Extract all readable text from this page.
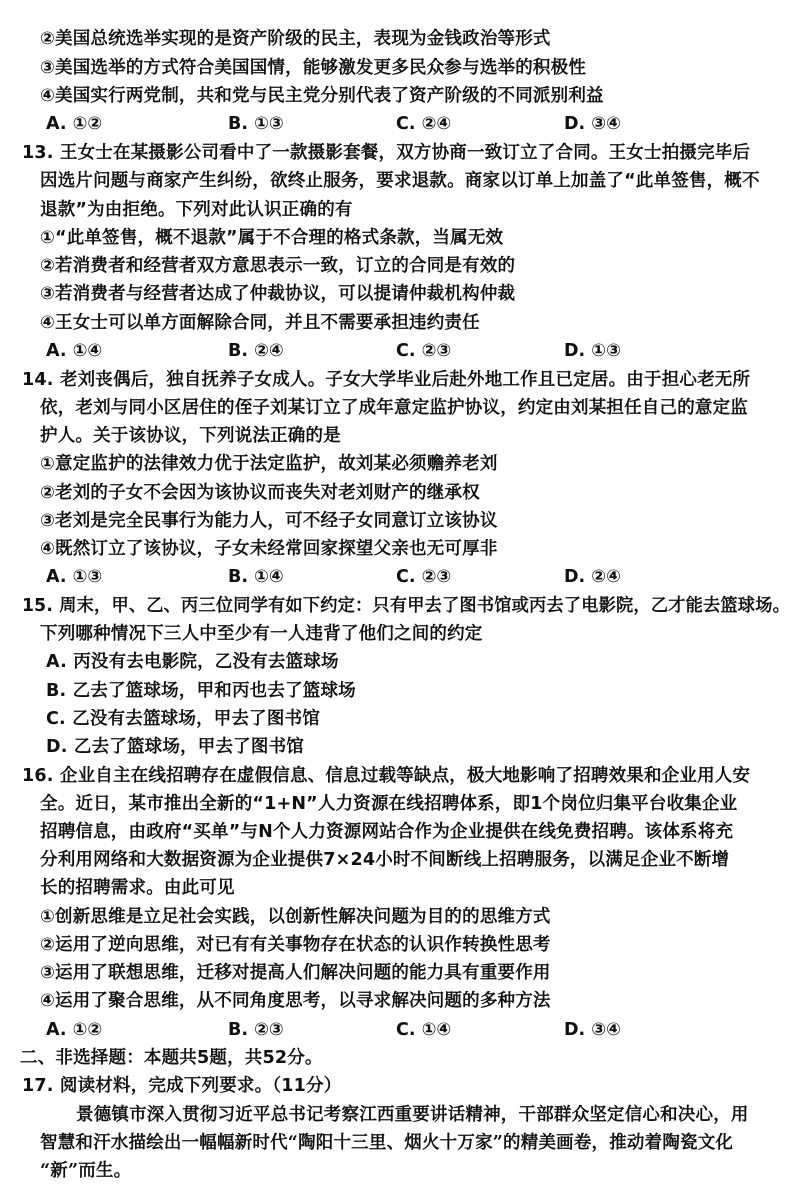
②美国总统选举实现的是资产阶级的民主，表现为金钱政治等形式

③美国选举的方式符合美国国情，能够激发更多民众参与选举的积极性

④美国实行两党制，共和党与民主党分别代表了资产阶级的不同派别利益

A. ①②	B. ①③	C. ②④	D. ③④

13. 王女士在某摄影公司看中了一款摄影套餐，双方协商一致订立了合同。王女士拍摄完毕后

因选片问题与商家产生纠纷，欲终止服务，要求退款。商家以订单上加盖了“此单签售，概不

退款”为由拒绝。下列对此认识正确的有

①“此单签售，概不退款”属于不合理的格式条款，当属无效

②若消费者和经营者双方意思表示一致，订立的合同是有效的

③若消费者与经营者达成了仲裁协议，可以提请仲裁机构仲裁

④王女士可以单方面解除合同，并且不需要承担违约责任

A. ①④	B. ②④	C. ②③	D. ①③

14. 老刘丧偶后，独自抚养子女成人。子女大学毕业后赴外地工作且已定居。由于担心老无所

依，老刘与同小区居住的侄子刘某订立了成年意定监护协议，约定由刘某担任自己的意定监

护人。关于该协议，下列说法正确的是

①意定监护的法律效力优于法定监护，故刘某必须赡养老刘

②老刘的子女不会因为该协议而丧失对老刘财产的继承权

③老刘是完全民事行为能力人，可不经子女同意订立该协议

④既然订立了该协议，子女未经常回家探望父亲也无可厚非

A. ①③	B. ①④	C. ②③	D. ②④

15. 周末，甲、乙、丙三位同学有如下约定：只有甲去了图书馆或丙去了电影院，乙才能去篮球场。

下列哪种情况下三人中至少有一人违背了他们之间的约定

A. 丙没有去电影院，乙没有去篮球场

B. 乙去了篮球场，甲和丙也去了篮球场

C. 乙没有去篮球场，甲去了图书馆

D. 乙去了篮球场，甲去了图书馆

16. 企业自主在线招聘存在虚假信息、信息过载等缺点，极大地影响了招聘效果和企业用人安

全。近日，某市推出全新的“1+N”人力资源在线招聘体系，即1个岗位归集平台收集企业

招聘信息，由政府“买单”与N个人力资源网站合作为企业提供在线免费招聘。该体系将充

分利用网络和大数据资源为企业提供7×24小时不间断线上招聘服务，以满足企业不断增

长的招聘需求。由此可见

①创新思维是立足社会实践，以创新性解决问题为目的的思维方式

②运用了逆向思维，对已有有关事物存在状态的认识作转换性思考

③运用了联想思维，迁移对提高人们解决问题的能力具有重要作用

④运用了聚合思维，从不同角度思考，以寻求解决问题的多种方法

A. ①②	B. ②③	C. ①④	D. ③④

二、非选择题：本题共5题，共52分。

17. 阅读材料，完成下列要求。（11分）

景德镇市深入贯彻习近平总书记考察江西重要讲话精神，干部群众坚定信心和决心，用

智慧和汗水描绘出一幅幅新时代“陶阳十三里、烟火十万家”的精美画卷，推动着陶瓷文化

“新”而生。
